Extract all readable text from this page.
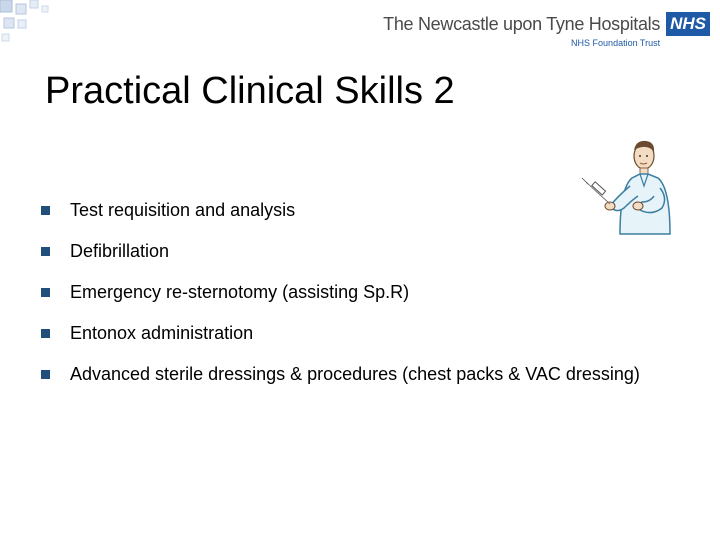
The Newcastle upon Tyne Hospitals
NHS Foundation Trust
NHS
Practical Clinical Skills 2
Test requisition and analysis
Defibrillation
Emergency re-sternotomy (assisting Sp.R)
Entonox administration
Advanced sterile dressings & procedures (chest packs & VAC dressing)
